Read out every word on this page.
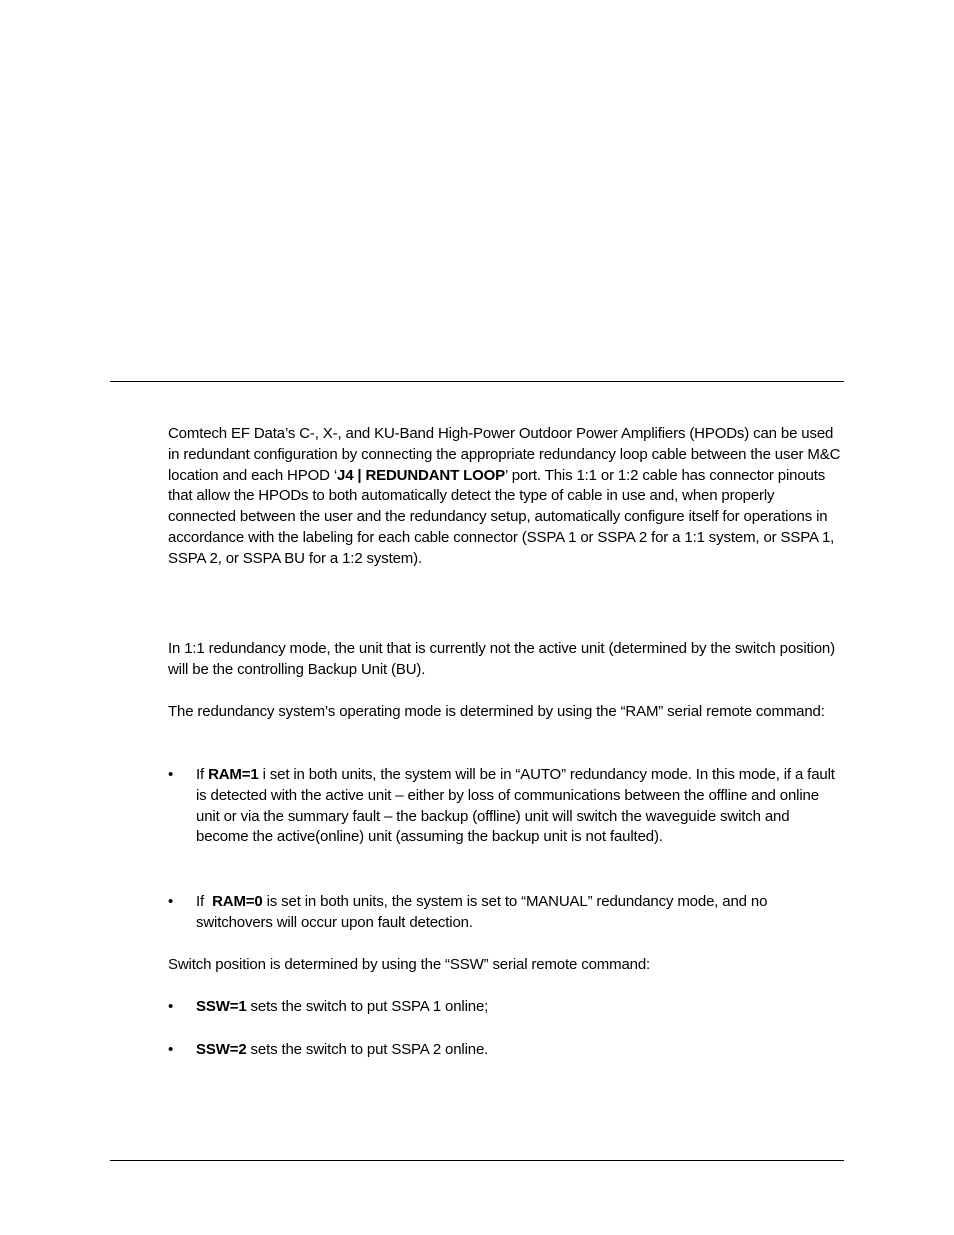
Comtech EF Data’s C-, X-, and KU-Band High-Power Outdoor Power Amplifiers (HPODs) can be used in redundant configuration by connecting the appropriate redundancy loop cable between the user M&C location and each HPOD ‘J4 | REDUNDANT LOOP’ port. This 1:1 or 1:2 cable has connector pinouts that allow the HPODs to both automatically detect the type of cable in use and, when properly connected between the user and the redundancy setup, automatically configure itself for operations in accordance with the labeling for each cable connector (SSPA 1 or SSPA 2 for a 1:1 system, or SSPA 1, SSPA 2, or SSPA BU for a 1:2 system).
In 1:1 redundancy mode, the unit that is currently not the active unit (determined by the switch position) will be the controlling Backup Unit (BU).
The redundancy system’s operating mode is determined by using the “RAM” serial remote command:
•	If RAM=1 i set in both units, the system will be in “AUTO” redundancy mode. In this mode, if a fault is detected with the active unit – either by loss of communications between the offline and online unit or via the summary fault – the backup (offline) unit will switch the waveguide switch and become the active(online) unit (assuming the backup unit is not faulted).
•	If  RAM=0 is set in both units, the system is set to “MANUAL” redundancy mode, and no switchovers will occur upon fault detection.
Switch position is determined by using the “SSW” serial remote command:
•	SSW=1 sets the switch to put SSPA 1 online;
•	SSW=2 sets the switch to put SSPA 2 online.
